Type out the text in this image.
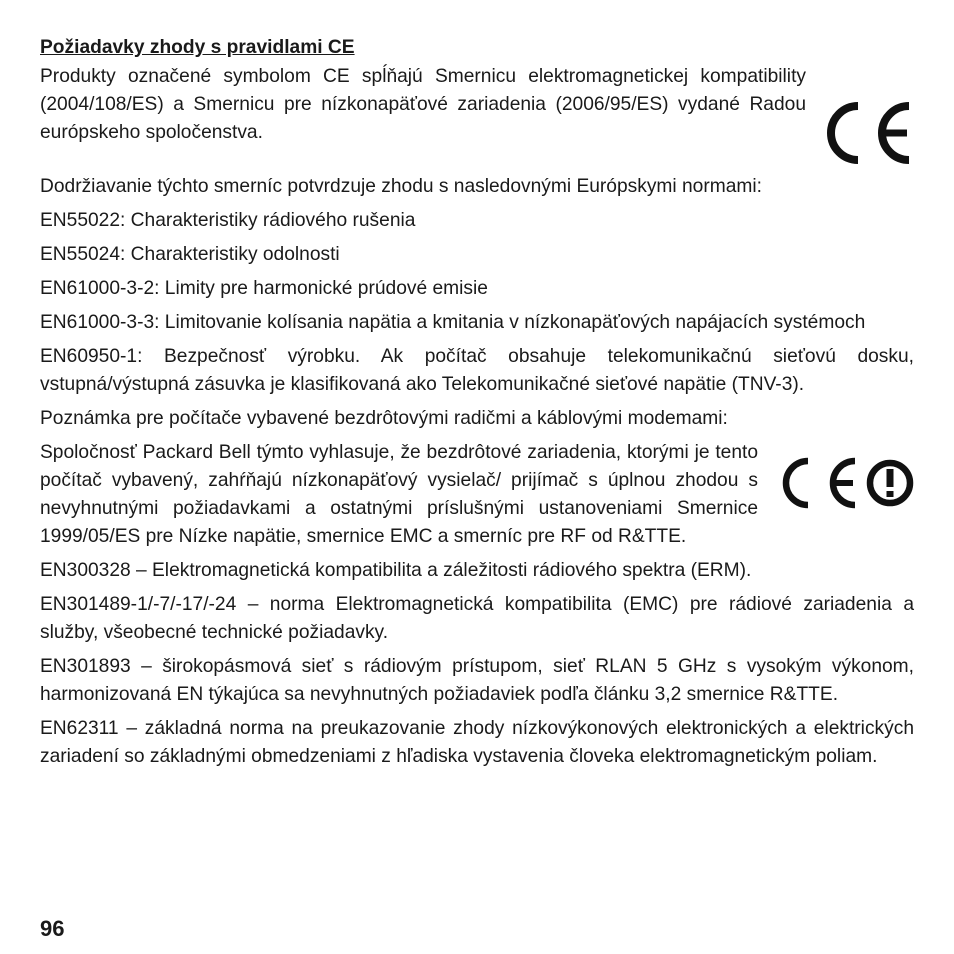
Požiadavky zhody s pravidlami CE
Produkty označené symbolom CE spĺňajú Smernicu elektromagnetickej kompatibility (2004/108/ES) a Smernicu pre nízkonapäťové zariadenia (2006/95/ES) vydané Radou európskeho spoločenstva.
Dodržiavanie týchto smerníc potvrdzuje zhodu s nasledovnými Európskymi normami:
EN55022: Charakteristiky rádiového rušenia
EN55024: Charakteristiky odolnosti
EN61000-3-2: Limity pre harmonické prúdové emisie
EN61000-3-3: Limitovanie kolísania napätia a kmitania v nízkonapäťových napájacích systémoch
EN60950-1: Bezpečnosť výrobku. Ak počítač obsahuje telekomunikačnú sieťovú dosku, vstupná/výstupná zásuvka je klasifikovaná ako Telekomunikačné sieťové napätie (TNV-3).
Poznámka pre počítače vybavené bezdrôtovými radičmi a káblovými modemami:
Spoločnosť Packard Bell týmto vyhlasuje, že bezdrôtové zariadenia, ktorými je tento počítač vybavený, zahŕňajú nízkonapäťový vysielač/ prijímač s úplnou zhodou s nevyhnutnými požiadavkami a ostatnými príslušnými ustanoveniami Smernice 1999/05/ES pre Nízke napätie, smernice EMC a smerníc pre RF od R&TTE.
EN300328 – Elektromagnetická kompatibilita a záležitosti rádiového spektra (ERM).
EN301489-1/-7/-17/-24 – norma Elektromagnetická kompatibilita (EMC) pre rádiové zariadenia a služby, všeobecné technické požiadavky.
EN301893 – širokopásmová sieť s rádiovým prístupom, sieť RLAN 5 GHz s vysokým výkonom, harmonizovaná EN týkajúca sa nevyhnutných požiadaviek podľa článku 3,2 smernice R&TTE.
EN62311 – základná norma na preukazovanie zhody nízkovýkonových elektronických a elektrických zariadení so základnými obmedzeniami z hľadiska vystavenia človeka elektromagnetickým poliam.
96
